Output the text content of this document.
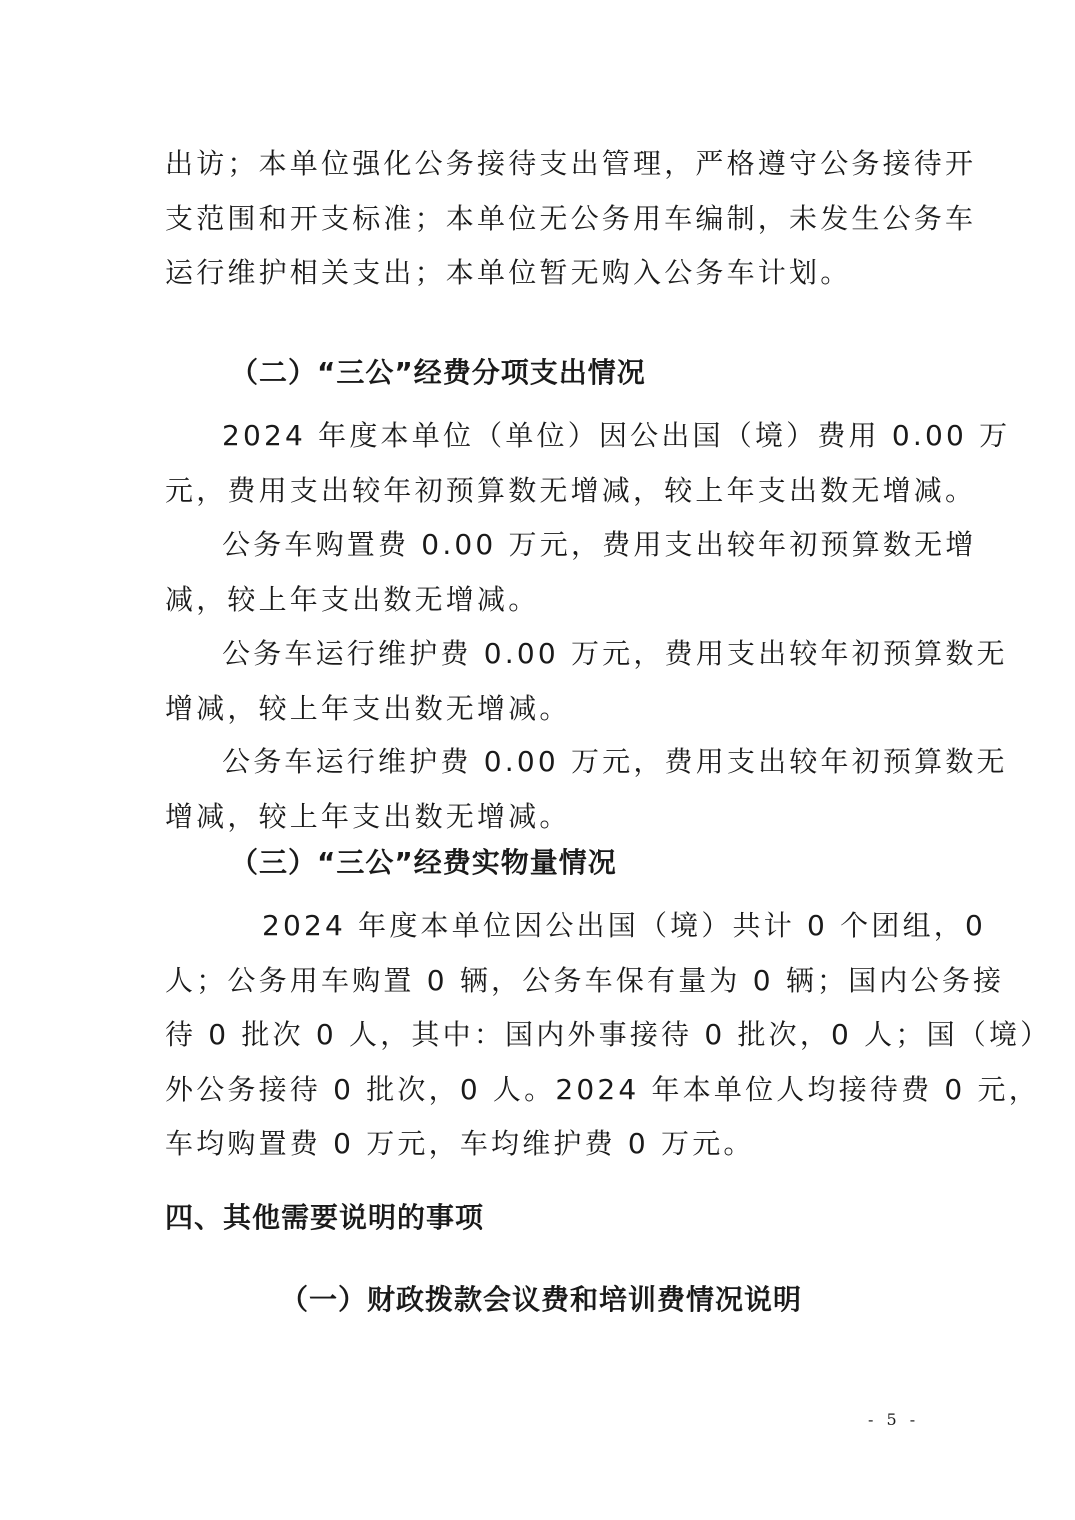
出访；本单位强化公务接待支出管理，严格遵守公务接待开
支范围和开支标准；本单位无公务用车编制，未发生公务车
运行维护相关支出；本单位暂无购入公务车计划。
（二）“三公”经费分项支出情况
2024 年度本单位（单位）因公出国（境）费用 0.00 万
元，费用支出较年初预算数无增减，较上年支出数无增减。
公务车购置费 0.00 万元，费用支出较年初预算数无增
减，较上年支出数无增减。
公务车运行维护费 0.00 万元，费用支出较年初预算数无
增减，较上年支出数无增减。
公务车运行维护费 0.00 万元，费用支出较年初预算数无
增减，较上年支出数无增减。
（三）“三公”经费实物量情况
2024 年度本单位因公出国（境）共计 0 个团组，0
人；公务用车购置 0 辆，公务车保有量为 0 辆；国内公务接
待 0 批次 0 人，其中：国内外事接待 0 批次，0 人；国（境）
外公务接待 0 批次，0 人。2024 年本单位人均接待费 0 元，
车均购置费 0 万元，车均维护费 0 万元。
四、其他需要说明的事项
（一）财政拨款会议费和培训费情况说明
- 5 -
